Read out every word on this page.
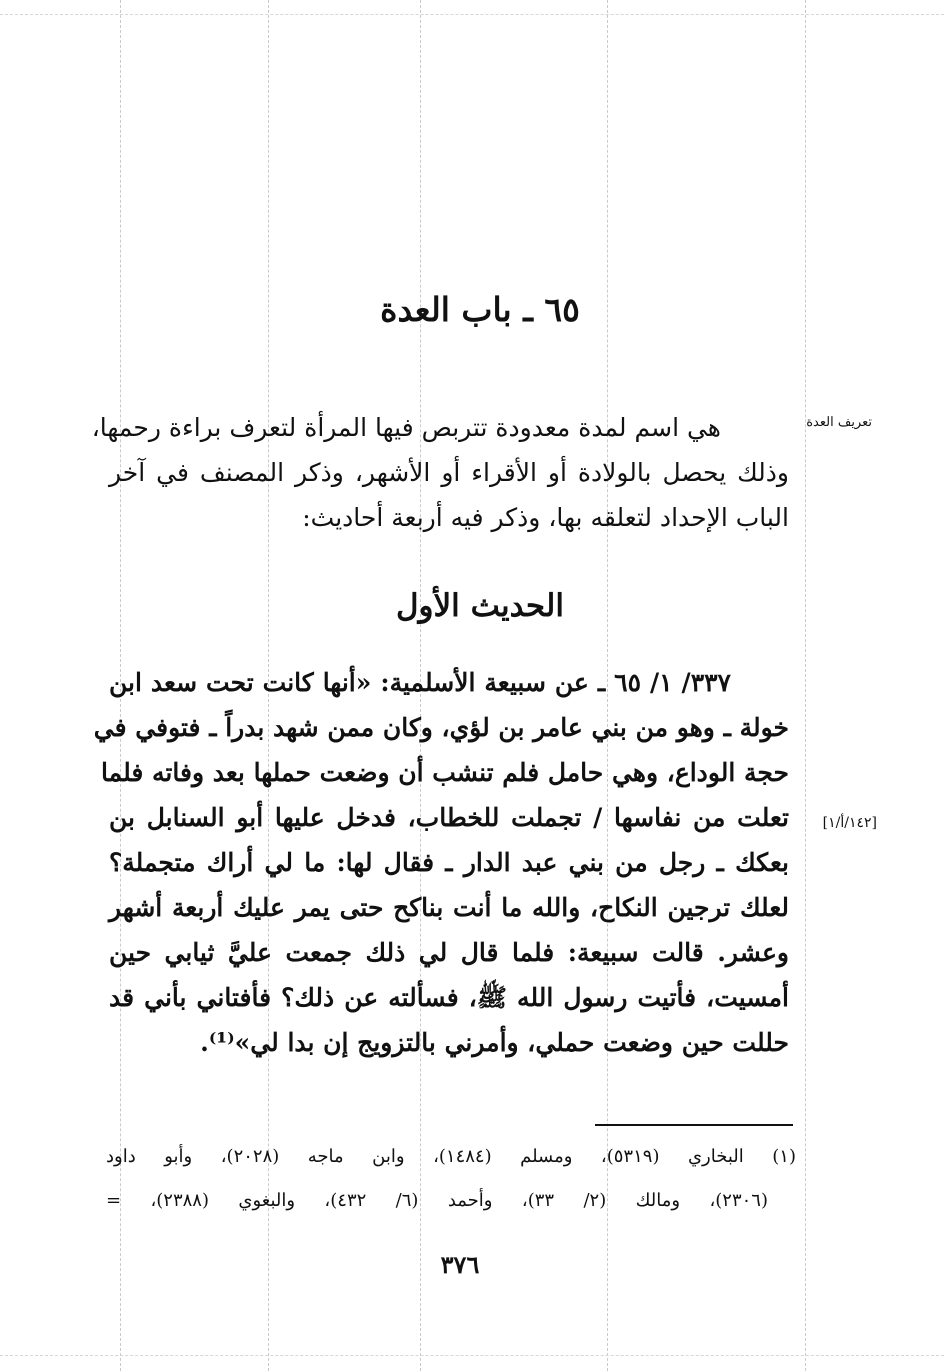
٦٥ ـ باب العدة
تعريف العدة
هي اسم لمدة معدودة تتربص فيها المرأة لتعرف براءة رحمها،
وذلك يحصل بالولادة أو الأقراء أو الأشهر، وذكر المصنف في آخر
الباب الإحداد لتعلقه بها، وذكر فيه أربعة أحاديث:
الحديث الأول
[١٤٢/أ/١]
٣٣٧/ ١/ ٦٥ ـ عن سبيعة الأسلمية: «أنها كانت تحت سعد ابن
خولة ـ وهو من بني عامر بن لؤي، وكان ممن شهد بدراً ـ فتوفي في
حجة الوداع، وهي حامل فلم تنشب أن وضعت حملها بعد وفاته فلما
تعلت من نفاسها / تجملت للخطاب، فدخل عليها أبو السنابل بن
بعكك ـ رجل من بني عبد الدار ـ فقال لها: ما لي أراك متجملة؟
لعلك ترجين النكاح، والله ما أنت بناكح حتى يمر عليك أربعة أشهر
وعشر. قالت سبيعة: فلما قال لي ذلك جمعت عليَّ ثيابي حين
أمسيت، فأتيت رسول الله ﷺ، فسألته عن ذلك؟ فأفتاني بأني قد
حللت حين وضعت حملي، وأمرني بالتزويج إن بدا لي»⁽¹⁾.
(١) البخاري (٥٣١٩)، ومسلم (١٤٨٤)، وابن ماجه (٢٠٢٨)، وأبو داود
(٢٣٠٦)، ومالك (٢/ ٣٣)، وأحمد (٦/ ٤٣٢)، والبغوي (٢٣٨٨)، =
٣٧٦
